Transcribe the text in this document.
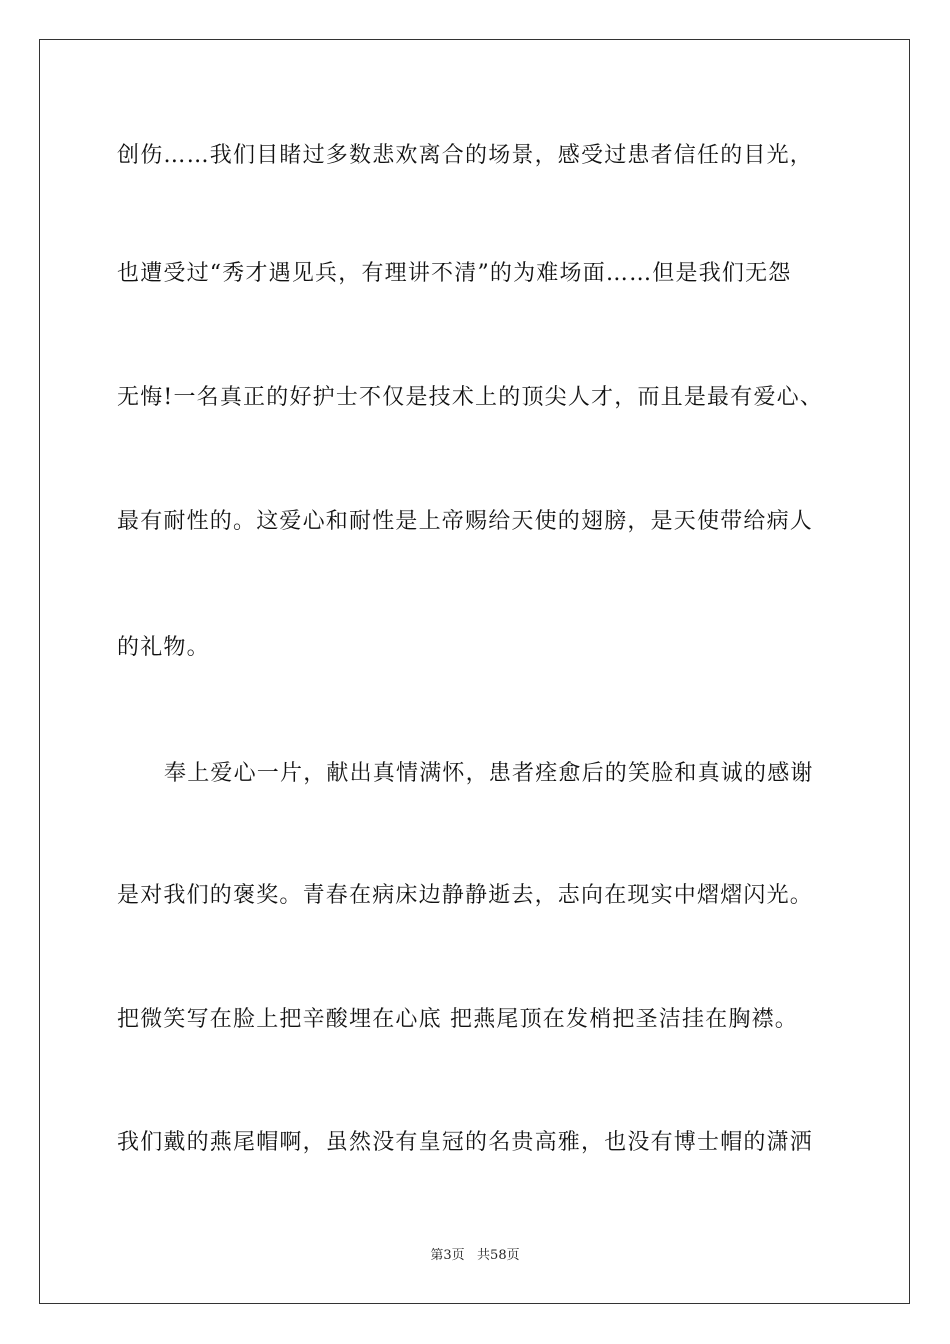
创伤……我们目睹过多数悲欢离合的场景，感受过患者信任的目光，
也遭受过“秀才遇见兵，有理讲不清”的为难场面……但是我们无怨
无悔!一名真正的好护士不仅是技术上的顶尖人才，而且是最有爱心、
最有耐性的。这爱心和耐性是上帝赐给天使的翅膀，是天使带给病人
的礼物。
奉上爱心一片，献出真情满怀，患者痊愈后的笑脸和真诚的感谢
是对我们的褒奖。青春在病床边静静逝去，志向在现实中熠熠闪光。
把微笑写在脸上把辛酸埋在心底 把燕尾顶在发梢把圣洁挂在胸襟。
我们戴的燕尾帽啊，虽然没有皇冠的名贵高雅，也没有博士帽的潇洒
第3页   共58页
